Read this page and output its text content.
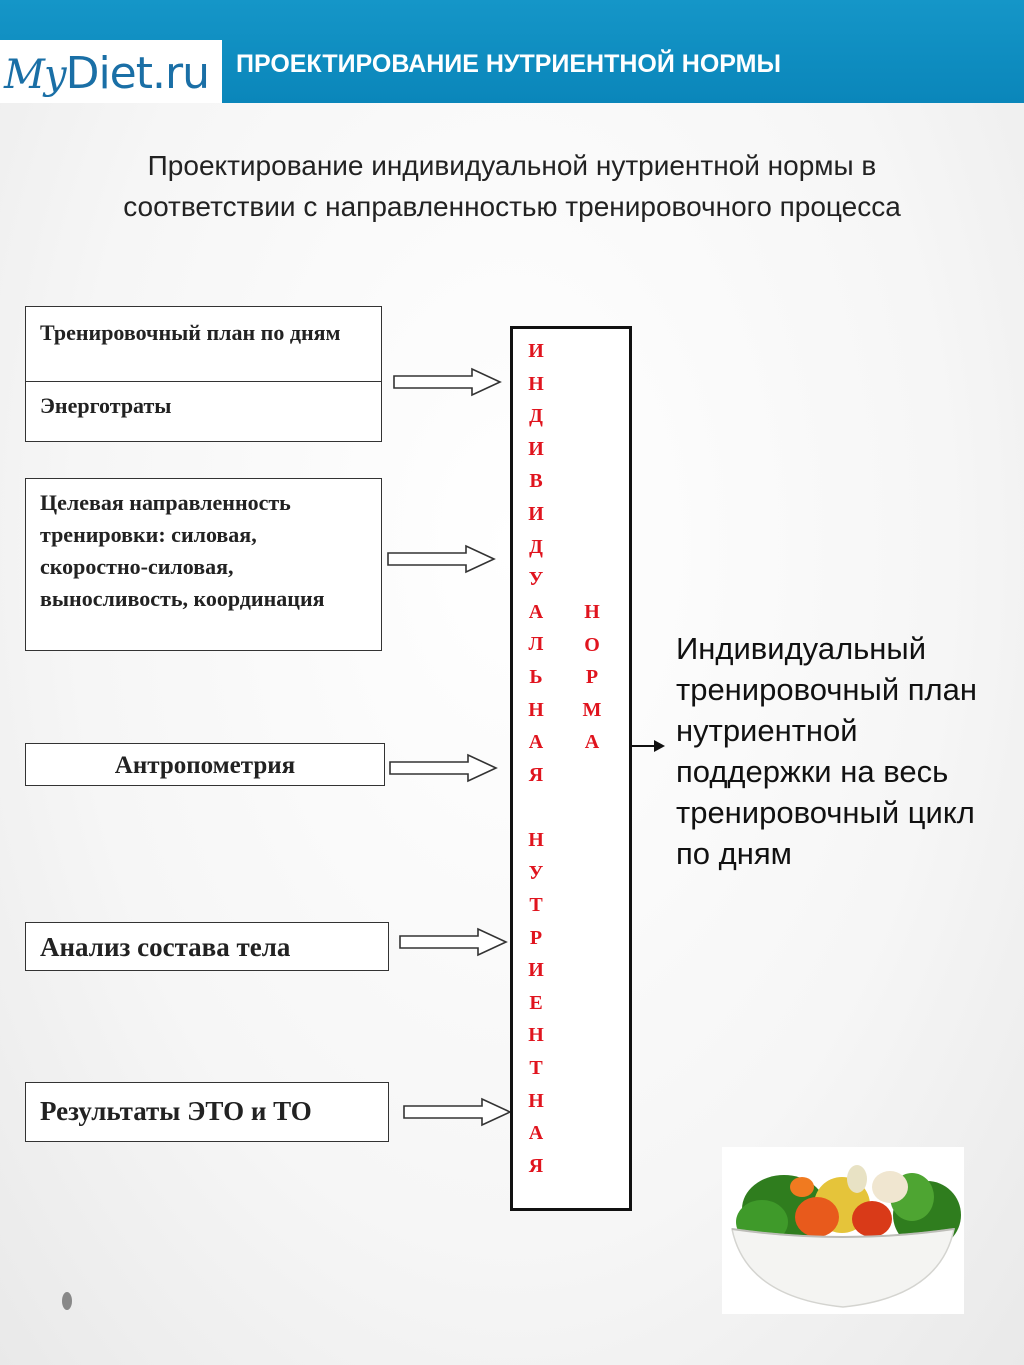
MyDiet.ru ПРОЕКТИРОВАНИЕ НУТРИЕНТНОЙ НОРМЫ
Проектирование индивидуальной нутриентной нормы в соответствии с направленностью тренировочного процесса
Тренировочный план по дням
Энерготраты
Целевая направленность тренировки: силовая, скоростно-силовая, выносливость, координация
Антропометрия
Анализ состава тела
Результаты ЭТО и ТО
И
Н
Д
И
В
И
Д
У
А
Л
Ь
Н
А
Я

Н
У
Т
Р
И
Е
Н
Т
Н
А
Я
Н
О
Р
М
А
Индивидуальный тренировочный план нутриентной поддержки на весь тренировочный цикл по дням
